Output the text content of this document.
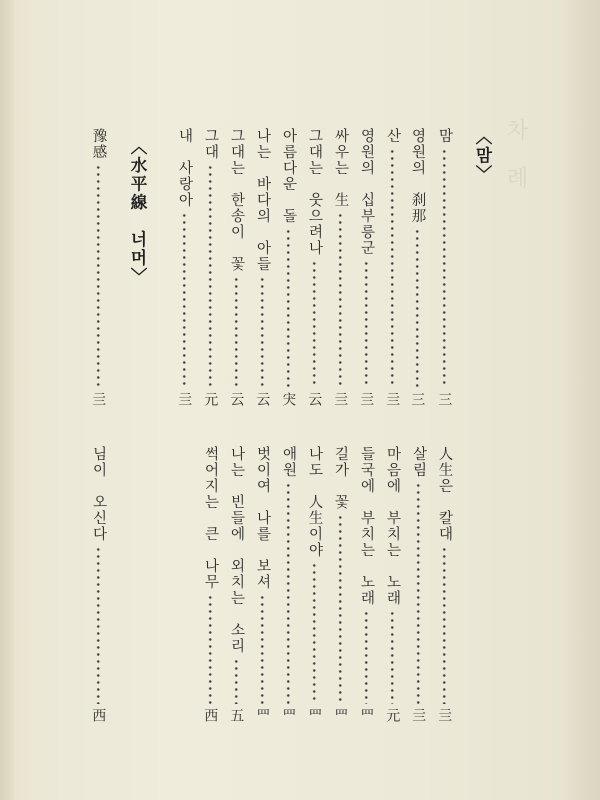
차　례
〈맘〉
맘
三
영원의　刹那
三
산
亖
영원의　십부릉군
亖
싸우는　生
亖
그대는　웃으려나
云
아름다운　돌
宊
나는　바다의　아들
云
그대는　한송이　꽃
云
그대
元
내　사랑아
亖
〈水平線　너머〉
豫感
亖
人生은　칼대
亖
살림
亖
마음에　부치는　노래
元
들국에　부치는　노래
罒
길가　꽃
罒
나도　人生이야
罒
애원
罒
벗이여　나를　보셔
罒
나는　빈들에　외치는　소리
五
썩어지는　큰　나무
西
님이　오신다
西
